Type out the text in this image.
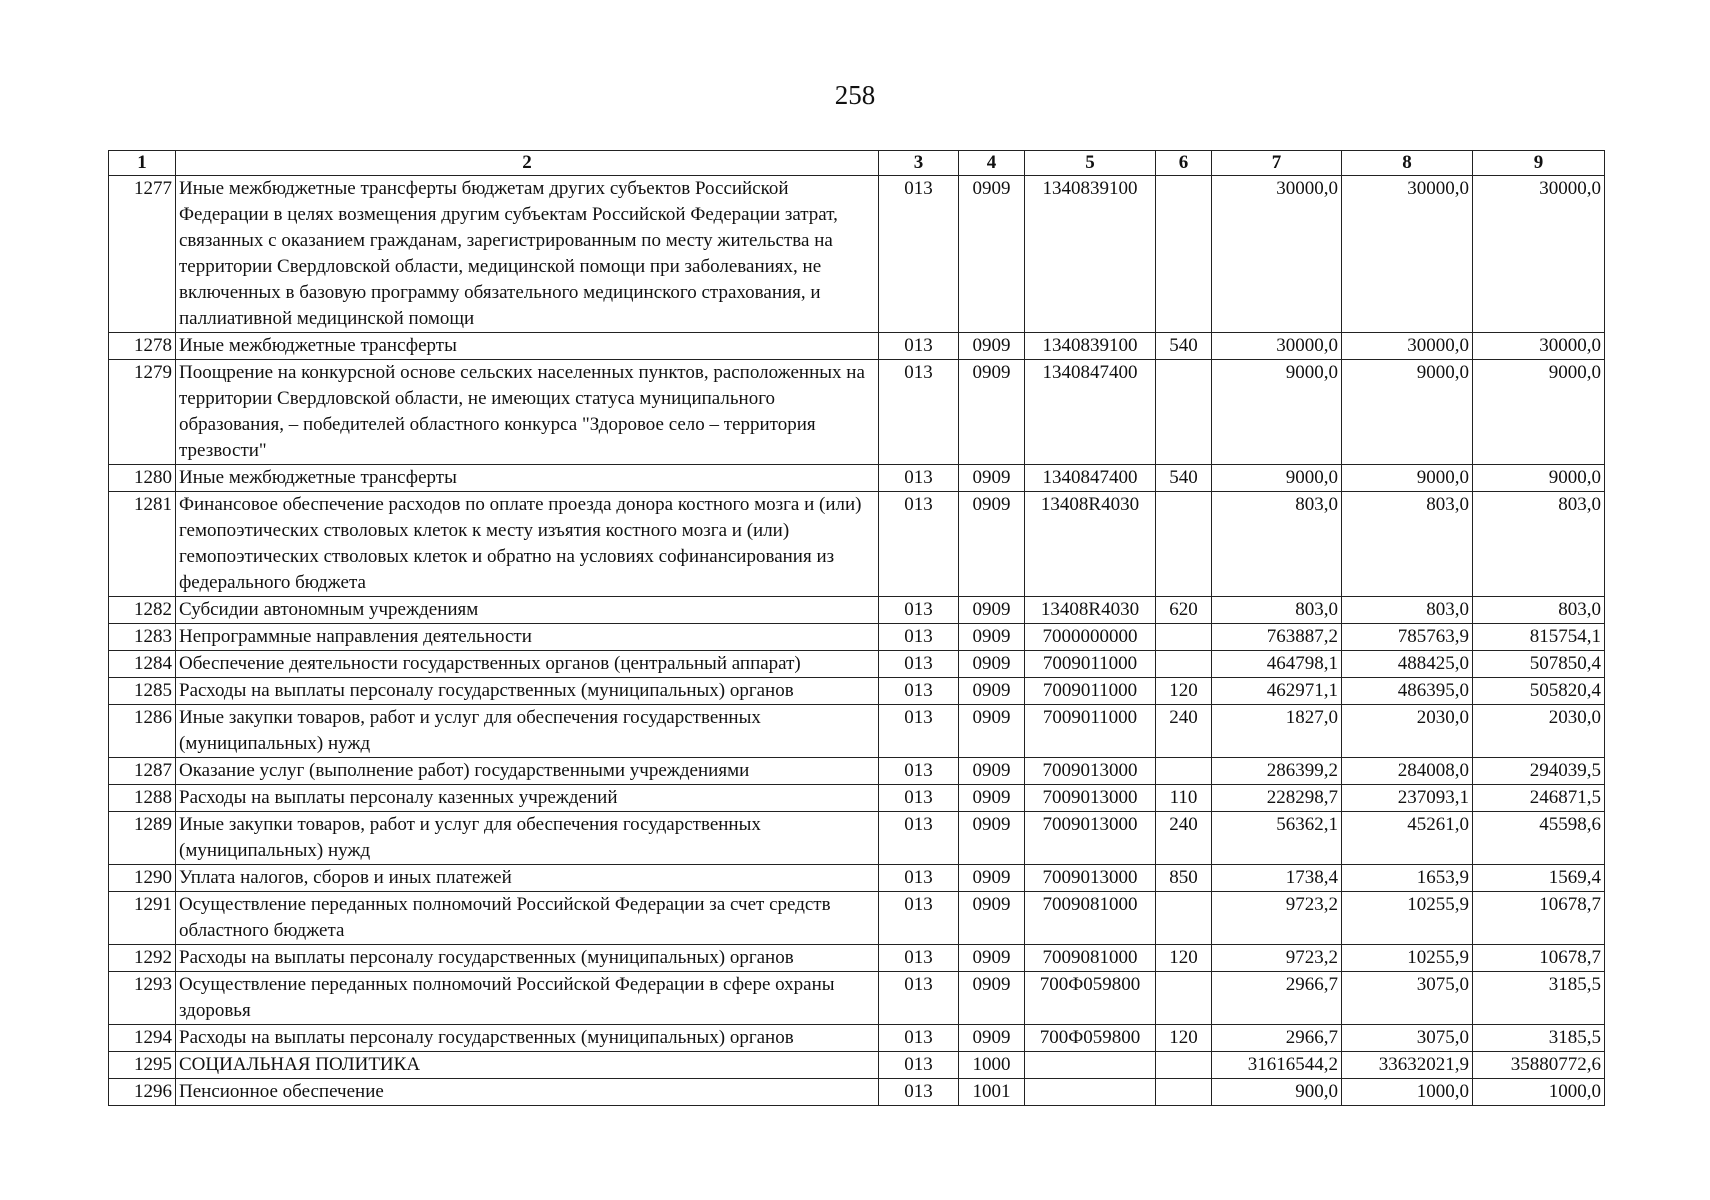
258
1	2	3	4	5	6	7	8	9
1277	Иные межбюджетные трансферты бюджетам других субъектов Российской Федерации в целях возмещения другим субъектам Российской Федерации затрат, связанных с оказанием гражданам, зарегистрированным по месту жительства на территории Свердловской области, медицинской помощи при заболеваниях, не включенных в базовую программу обязательного медицинского страхования, и паллиативной медицинской помощи	013	0909	1340839100		30000,0	30000,0	30000,0
1278	Иные межбюджетные трансферты	013	0909	1340839100	540	30000,0	30000,0	30000,0
1279	Поощрение на конкурсной основе сельских населенных пунктов, расположенных на территории Свердловской области, не имеющих статуса муниципального образования, – победителей областного конкурса "Здоровое село – территория трезвости"	013	0909	1340847400		9000,0	9000,0	9000,0
1280	Иные межбюджетные трансферты	013	0909	1340847400	540	9000,0	9000,0	9000,0
1281	Финансовое обеспечение расходов по оплате проезда донора костного мозга и (или) гемопоэтических стволовых клеток к месту изъятия костного мозга и (или) гемопоэтических стволовых клеток и обратно на условиях софинансирования из федерального бюджета	013	0909	13408R4030		803,0	803,0	803,0
1282	Субсидии автономным учреждениям	013	0909	13408R4030	620	803,0	803,0	803,0
1283	Непрограммные направления деятельности	013	0909	7000000000		763887,2	785763,9	815754,1
1284	Обеспечение деятельности государственных органов (центральный аппарат)	013	0909	7009011000		464798,1	488425,0	507850,4
1285	Расходы на выплаты персоналу государственных (муниципальных) органов	013	0909	7009011000	120	462971,1	486395,0	505820,4
1286	Иные закупки товаров, работ и услуг для обеспечения государственных (муниципальных) нужд	013	0909	7009011000	240	1827,0	2030,0	2030,0
1287	Оказание услуг (выполнение работ) государственными учреждениями	013	0909	7009013000		286399,2	284008,0	294039,5
1288	Расходы на выплаты персоналу казенных учреждений	013	0909	7009013000	110	228298,7	237093,1	246871,5
1289	Иные закупки товаров, работ и услуг для обеспечения государственных (муниципальных) нужд	013	0909	7009013000	240	56362,1	45261,0	45598,6
1290	Уплата налогов, сборов и иных платежей	013	0909	7009013000	850	1738,4	1653,9	1569,4
1291	Осуществление переданных полномочий Российской Федерации за счет средств областного бюджета	013	0909	7009081000		9723,2	10255,9	10678,7
1292	Расходы на выплаты персоналу государственных (муниципальных) органов	013	0909	7009081000	120	9723,2	10255,9	10678,7
1293	Осуществление переданных полномочий Российской Федерации в сфере охраны здоровья	013	0909	700Ф059800		2966,7	3075,0	3185,5
1294	Расходы на выплаты персоналу государственных (муниципальных) органов	013	0909	700Ф059800	120	2966,7	3075,0	3185,5
1295	СОЦИАЛЬНАЯ ПОЛИТИКА	013	1000			31616544,2	33632021,9	35880772,6
1296	Пенсионное обеспечение	013	1001			900,0	1000,0	1000,0
